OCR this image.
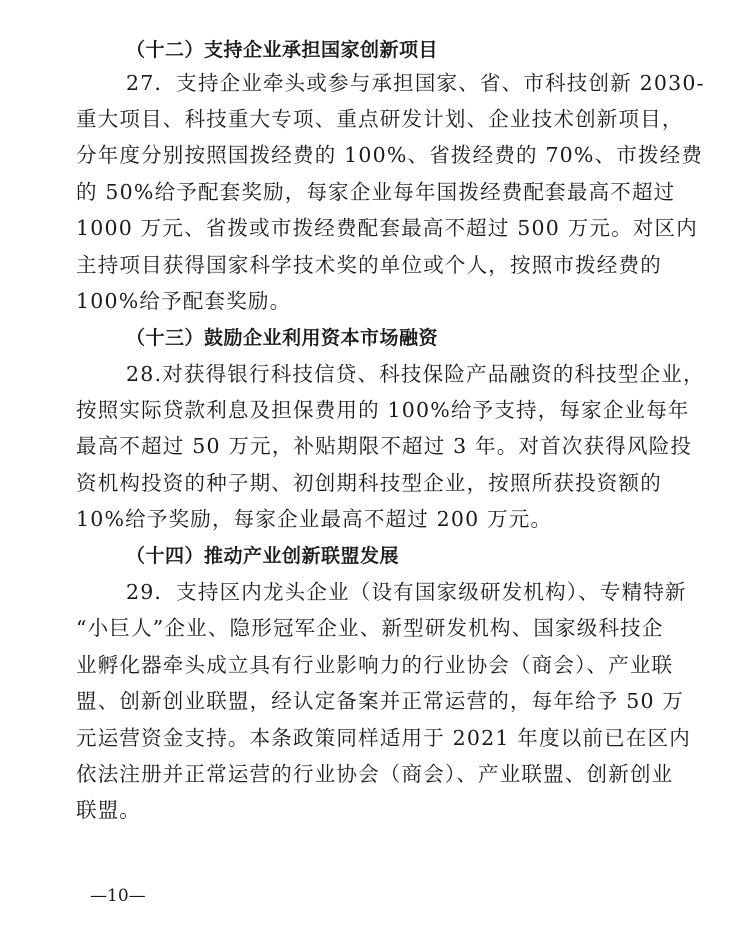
（十二）支持企业承担国家创新项目
27．支持企业牵头或参与承担国家、省、市科技创新 2030-
重大项目、科技重大专项、重点研发计划、企业技术创新项目，
分年度分别按照国拨经费的 100%、省拨经费的 70%、市拨经费
的 50%给予配套奖励，每家企业每年国拨经费配套最高不超过
1000 万元、省拨或市拨经费配套最高不超过 500 万元。对区内
主持项目获得国家科学技术奖的单位或个人，按照市拨经费的
100%给予配套奖励。
（十三）鼓励企业利用资本市场融资
28.对获得银行科技信贷、科技保险产品融资的科技型企业，
按照实际贷款利息及担保费用的 100%给予支持，每家企业每年
最高不超过 50 万元，补贴期限不超过 3 年。对首次获得风险投
资机构投资的种子期、初创期科技型企业，按照所获投资额的
10%给予奖励，每家企业最高不超过 200 万元。
（十四）推动产业创新联盟发展
29．支持区内龙头企业（设有国家级研发机构）、专精特新
“小巨人”企业、隐形冠军企业、新型研发机构、国家级科技企
业孵化器牵头成立具有行业影响力的行业协会（商会）、产业联
盟、创新创业联盟，经认定备案并正常运营的，每年给予 50 万
元运营资金支持。本条政策同样适用于 2021 年度以前已在区内
依法注册并正常运营的行业协会（商会）、产业联盟、创新创业
联盟。
—10—
